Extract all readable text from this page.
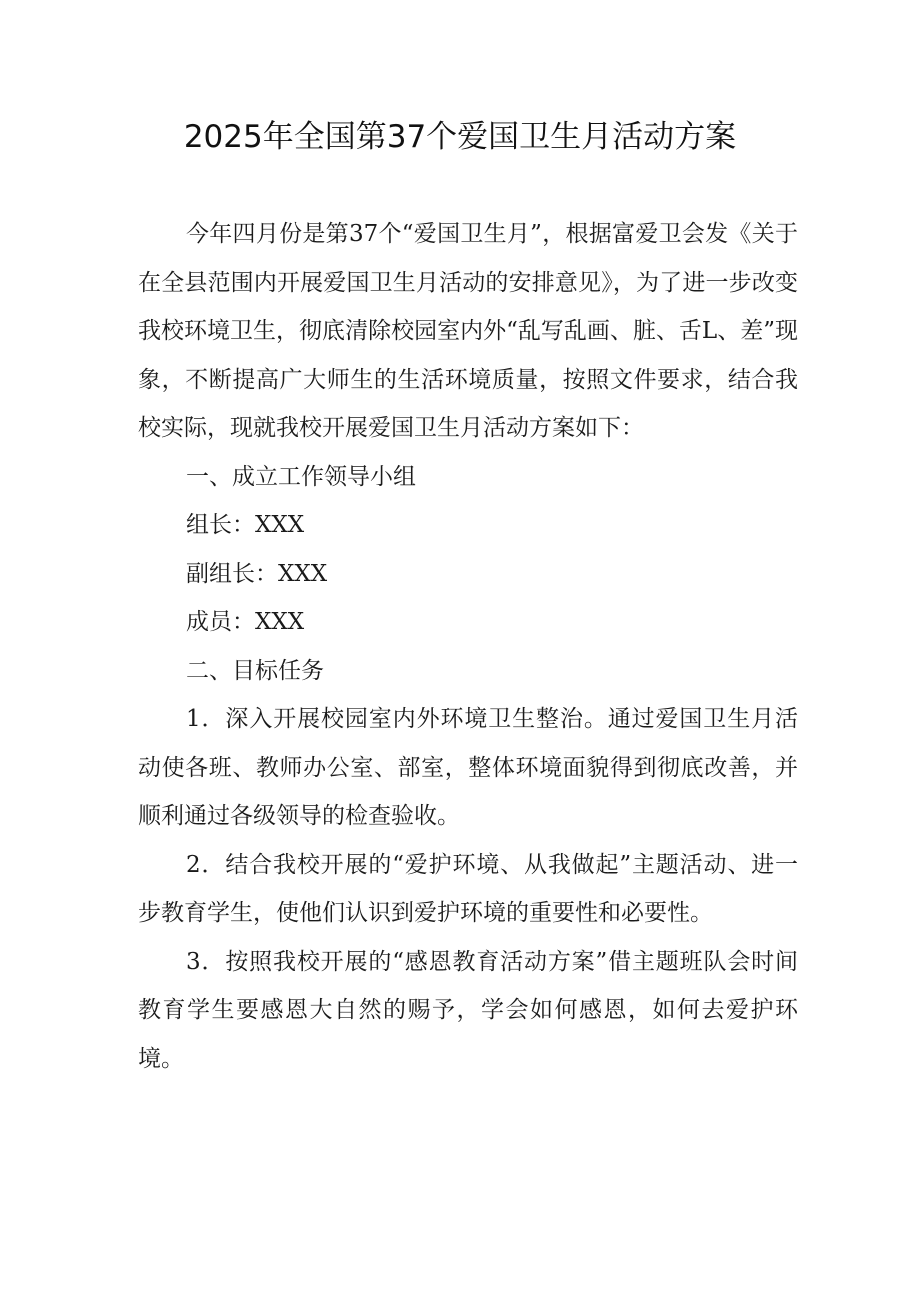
2025年全国第37个爱国卫生月活动方案

今年四月份是第37个“爱国卫生月”，根据富爱卫会发《关于在全县范围内开展爱国卫生月活动的安排意见》，为了进一步改变我校环境卫生，彻底清除校园室内外“乱写乱画、脏、舌L、差”现象，不断提高广大师生的生活环境质量，按照文件要求，结合我校实际，现就我校开展爱国卫生月活动方案如下：

一、成立工作领导小组

组长：XXX

副组长：XXX

成员：XXX

二、目标任务

1．深入开展校园室内外环境卫生整治。通过爱国卫生月活动使各班、教师办公室、部室，整体环境面貌得到彻底改善，并顺利通过各级领导的检查验收。

2．结合我校开展的“爱护环境、从我做起”主题活动、进一步教育学生，使他们认识到爱护环境的重要性和必要性。

3．按照我校开展的“感恩教育活动方案”借主题班队会时间教育学生要感恩大自然的赐予，学会如何感恩，如何去爱护环境。
